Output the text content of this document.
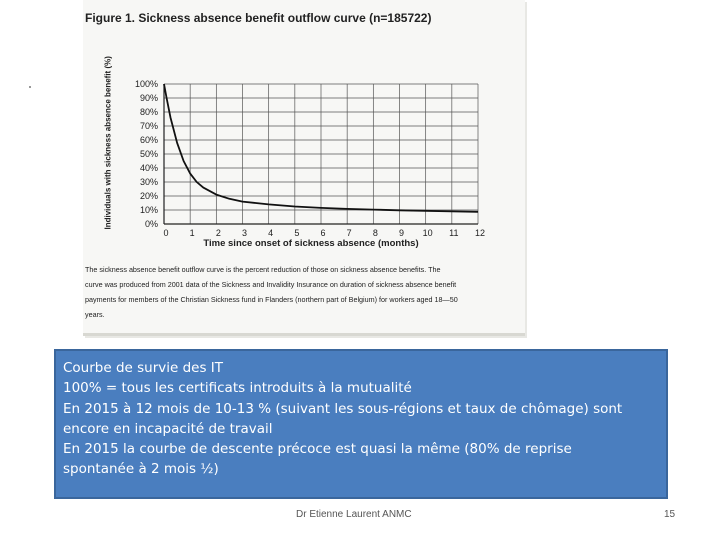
Figure 1. Sickness absence benefit outflow curve (n=185722)
Individuals with sickness absence benefit (%)	0%
10%
20%
30%
40%
50%
60%
70%
80%
90%
100%
0 1 2 3 4 5 6 7 8 9 10 11 12
Time since onset of sickness absence (months)
The sickness absence benefit outflow curve is the percent reduction of those on sickness absence benefits. The
curve was produced from 2001 data of the Sickness and Invalidity Insurance on duration of sickness absence benefit
payments for members of the Christian Sickness fund in Flanders (northern part of Belgium) for workers aged 18—50
years.
Courbe de survie des IT
100% = tous les certificats introduits à la mutualité
En 2015 à 12 mois de 10-13 % (suivant les sous-régions et taux de chômage) sont
encore en incapacité de travail
En 2015 la courbe de descente précoce est quasi la même (80% de reprise
spontanée à 2 mois ½)
Dr Etienne Laurent ANMC	15
